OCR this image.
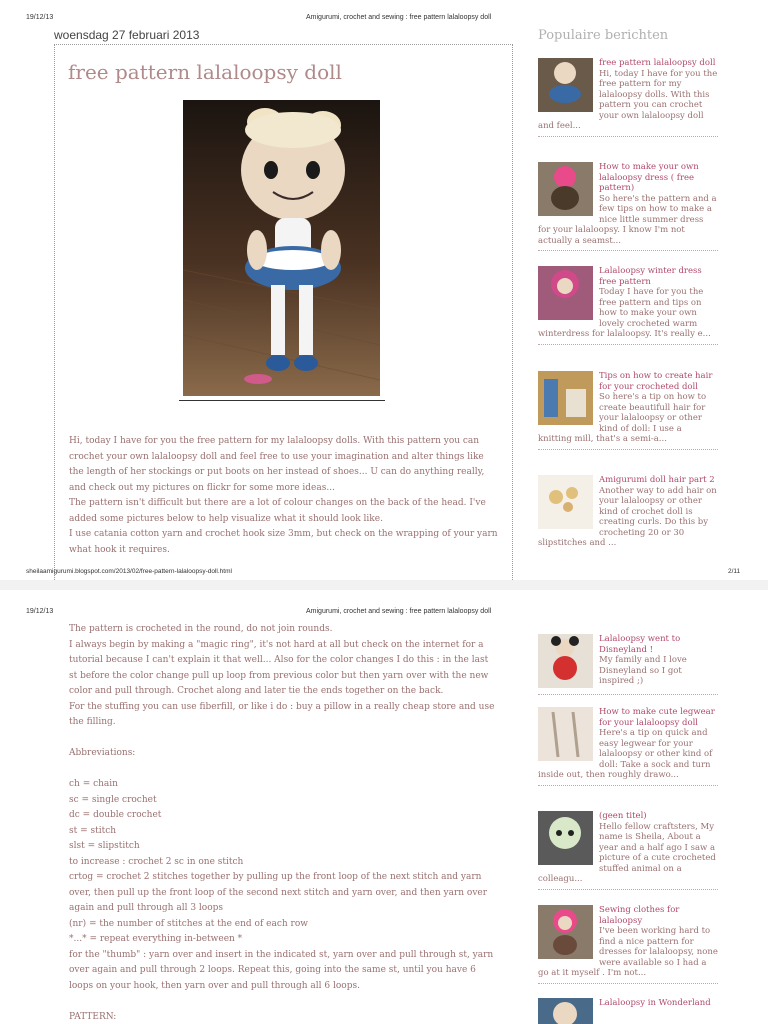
19/12/13	Amigurumi, crochet and sewing : free pattern lalaloopsy doll
woensdag 27 februari 2013
free pattern lalaloopsy doll

Hi, today I have for you the free pattern for my lalaloopsy dolls. With this pattern you can crochet your own lalaloopsy doll and feel free to use your imagination and alter things like the length of her stockings or put boots on her instead of shoes... U can do anything really, and check out my pictures on flickr for some more ideas...

The pattern isn't difficult but there are a lot of colour changes on the back of the head. I've added some pictures below to help visualize what it should look like.

I use catania cotton yarn and crochet hook size 3mm, but check on the wrapping of your yarn what hook it requires.

sheilaamigurumi.blogspot.com/2013/02/free-pattern-lalaloopsy-doll.html	2/11
Populaire berichten
free pattern lalaloopsy doll
Hi, today I have for you the free pattern for my lalaloopsy dolls. With this pattern you can crochet your own lalaloopsy doll and feel...
How to make your own lalaloopsy dress ( free pattern)
So here's the pattern and a few tips on how to make a nice little summer dress for your lalaloopsy. I know I'm not actually a seamst...
Lalaloopsy winter dress free pattern
Today I have for you the free pattern and tips on how to make your own lovely crocheted warm winterdress for lalaloopsy. It's really e...
Tips on how to create hair for your crocheted doll
So here's a tip on how to create beautifull hair for your lalaloopsy or other kind of doll: I use a knitting mill, that's a semi-a...
Amigurumi doll hair part 2
Another way to add hair on your lalaloopsy or other kind of crochet doll is creating curls. Do this by crocheting 20 or 30 slipstitches and ...
19/12/13	Amigurumi, crochet and sewing : free pattern lalaloopsy doll

The pattern is crocheted in the round, do not join rounds.

I always begin by making a "magic ring", it's not hard at all but check on the internet for a tutorial because I can't explain it that well... Also for the color changes I do this : in the last st before the color change pull up loop from previous color but then yarn over with the new color and pull through. Crochet along and later tie the ends together on the back.

For the stuffing you can use fiberfill, or like i do : buy a pillow in a really cheap store and use the filling.

Abbreviations:

ch = chain

sc = single crochet

dc = double crochet

st = stitch

slst = slipstitch

to increase : crochet 2 sc in one stitch

crtog = crochet 2 stitches together by pulling up the front loop of the next stitch and yarn over, then pull up the front loop of the second next stitch and yarn over, and then yarn over again and pull through all 3 loops

(nr) = the number of stitches at the end of each row

*...* = repeat everything in-between *

for the "thumb" : yarn over and insert in the indicated st, yarn over and pull through st, yarn over again and pull through 2 loops. Repeat this, going into the same st, until you have 6 loops on your hook, then yarn over and pull through all 6 loops.

PATTERN:

Lalaloopsy went to Disneyland !
My family and I love Disneyland so I got inspired ;)
How to make cute legwear for your lalaloopsy doll
Here's a tip on quick and easy legwear for your lalaloopsy or other kind of doll: Take a sock and turn inside out, then roughly drawo...
(geen titel)
Hello fellow craftsters, My name is Sheila, About a year and a half ago I saw a picture of a cute crocheted stuffed animal on a colleagu...
Sewing clothes for lalaloopsy
I've been working hard to find a nice pattern for dresses for lalaloopsy, none were available so I had a go at it myself . I'm not...
Lalaloopsy in Wonderland
